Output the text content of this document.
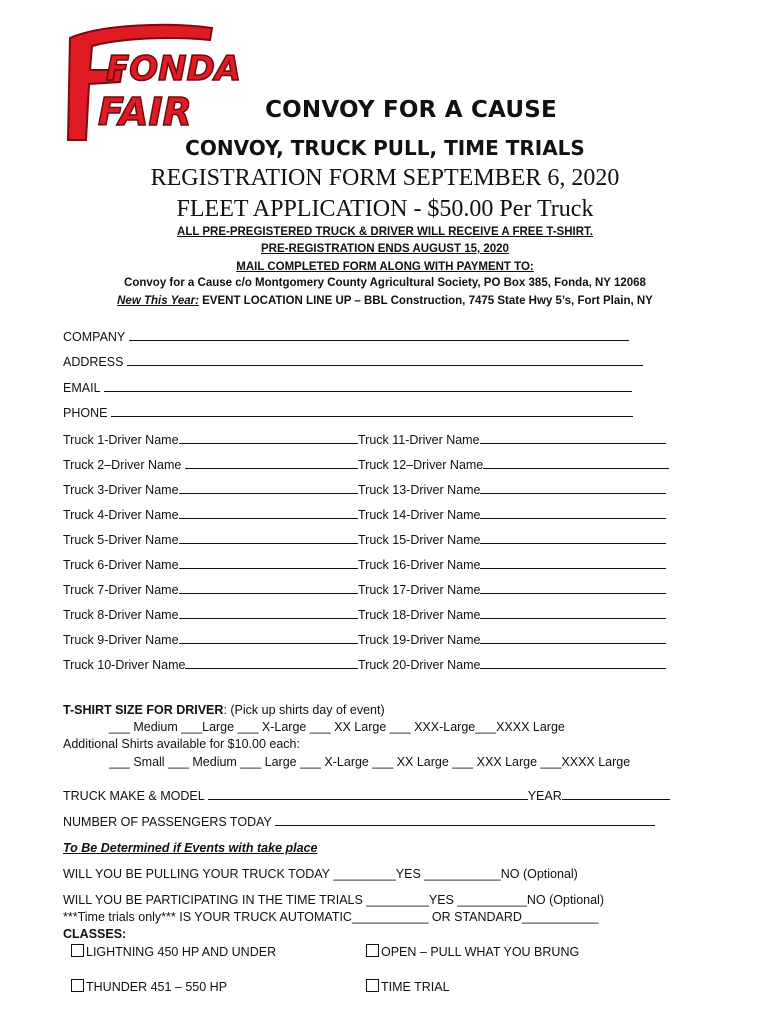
FONDA
FAIR	CONVOY FOR A CAUSE
CONVOY, TRUCK PULL, TIME TRIALS
REGISTRATION FORM SEPTEMBER 6, 2020
FLEET APPLICATION - $50.00 Per Truck
ALL PRE-PREGISTERED TRUCK & DRIVER WILL RECEIVE A FREE T-SHIRT.
PRE-REGISTRATION ENDS AUGUST 15, 2020
MAIL COMPLETED FORM ALONG WITH PAYMENT TO:
Convoy for a Cause c/o Montgomery County Agricultural Society, PO Box 385, Fonda, NY 12068
New This Year: EVENT LOCATION LINE UP – BBL Construction, 7475 State Hwy 5’s, Fort Plain, NY
COMPANY
ADDRESS
EMAIL
PHONE
Truck 1-Driver Name	Truck 11-Driver Name
Truck 2–Driver Name	Truck 12–Driver Name
Truck 3-Driver Name	Truck 13-Driver Name
Truck 4-Driver Name	Truck 14-Driver Name
Truck 5-Driver Name	Truck 15-Driver Name
Truck 6-Driver Name	Truck 16-Driver Name
Truck 7-Driver Name	Truck 17-Driver Name
Truck 8-Driver Name	Truck 18-Driver Name
Truck 9-Driver Name	Truck 19-Driver Name
Truck 10-Driver Name	Truck 20-Driver Name
T-SHIRT SIZE FOR DRIVER: (Pick up shirts day of event)
___ Medium ___Large ___ X-Large ___ XX Large ___ XXX-Large___XXXX Large
Additional Shirts available for $10.00 each:
___ Small ___ Medium ___ Large ___ X-Large ___ XX Large ___ XXX Large ___XXXX Large
TRUCK MAKE & MODEL	YEAR
NUMBER OF PASSENGERS TODAY
To Be Determined if Events with take place
WILL YOU BE PULLING YOUR TRUCK TODAY _________YES ___________NO (Optional)
WILL YOU BE PARTICIPATING IN THE TIME TRIALS _________YES __________NO (Optional)
***Time trials only*** IS YOUR TRUCK AUTOMATIC___________ OR STANDARD___________
CLASSES:
LIGHTNING 450 HP AND UNDER	OPEN – PULL WHAT YOU BRUNG
THUNDER 451 – 550 HP	TIME TRIAL
